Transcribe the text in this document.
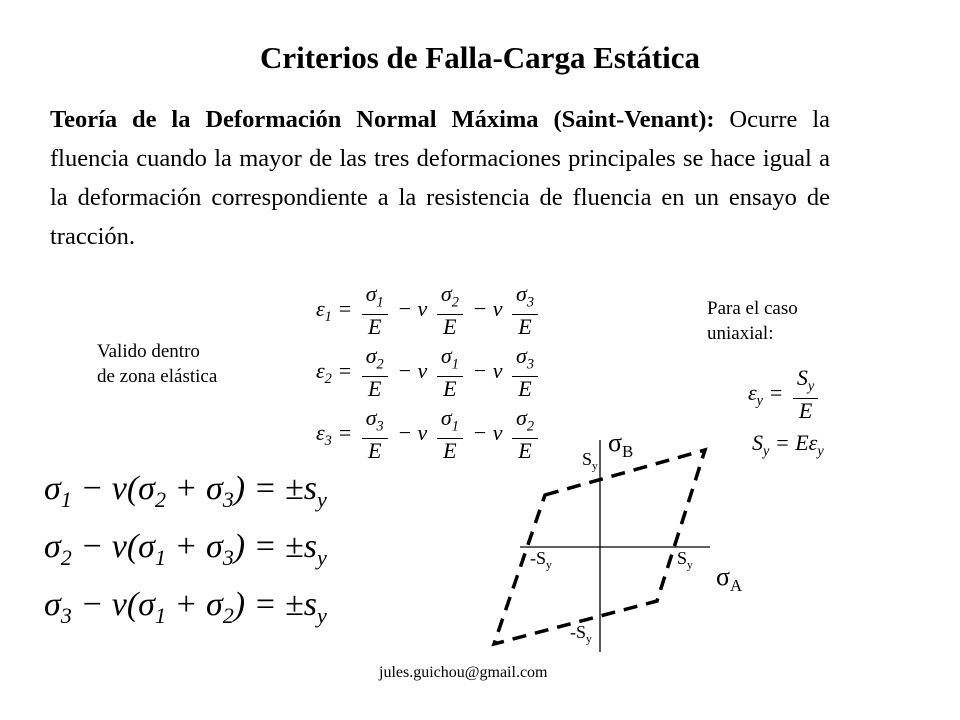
Criterios de Falla-Carga Estática
Teoría de la Deformación Normal Máxima (Saint-Venant): Ocurre la fluencia cuando la mayor de las tres deformaciones principales se hace igual a la deformación correspondiente a la resistencia de fluencia en un ensayo de tracción.
$\varepsilon_1 = \frac{\sigma_1}{E} - \nu \frac{\sigma_2}{E} - \nu \frac{\sigma_3}{E}$
$\varepsilon_2 = \frac{\sigma_2}{E} - \nu \frac{\sigma_1}{E} - \nu \frac{\sigma_3}{E}$
$\varepsilon_3 = \frac{\sigma_3}{E} - \nu \frac{\sigma_1}{E} - \nu \frac{\sigma_2}{E}$
Valido dentro
de zona elástica
Para el caso
uniaxial:
$\varepsilon_y = \frac{S_y}{E}$
$S_y = E\varepsilon_y$
$\sigma_1 - \nu(\sigma_2 + \sigma_3) = \pm s_y$
$\sigma_2 - \nu(\sigma_1 + \sigma_3) = \pm s_y$
$\sigma_3 - \nu(\sigma_1 + \sigma_2) = \pm s_y$
$S_y$
$-S_y$	$S_y$
$-S_y$
$\sigma_B$
$\sigma_A$
jules.guichou@gmail.com
